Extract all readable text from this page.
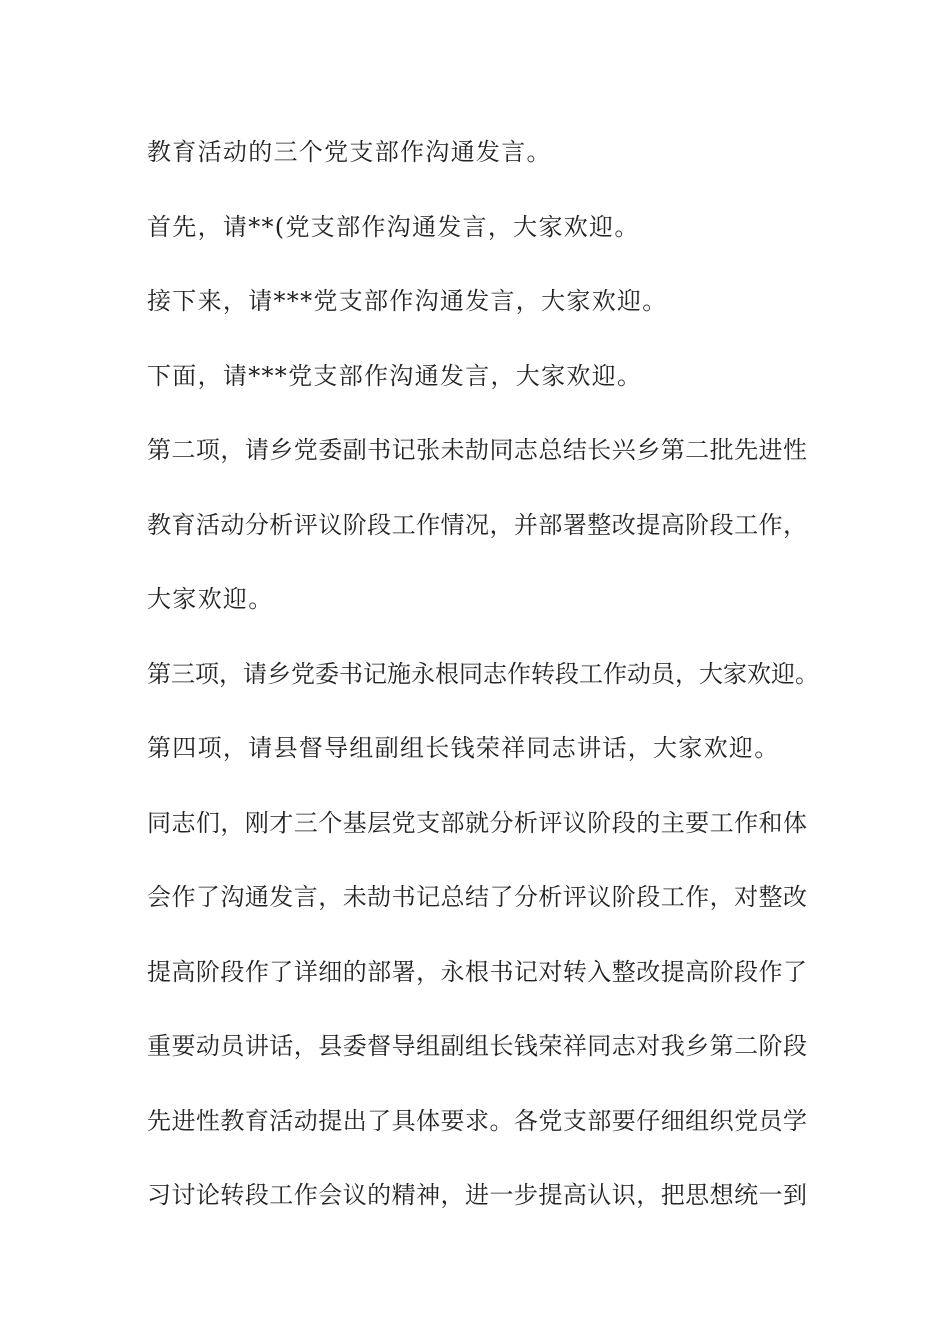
教育活动的三个党支部作沟通发言。
首先，请**(党支部作沟通发言，大家欢迎。
接下来，请***党支部作沟通发言，大家欢迎。
下面，请***党支部作沟通发言，大家欢迎。
第二项，请乡党委副书记张未劼同志总结长兴乡第二批先进性
教育活动分析评议阶段工作情况，并部署整改提高阶段工作，
大家欢迎。
第三项，请乡党委书记施永根同志作转段工作动员，大家欢迎。
第四项，请县督导组副组长钱荣祥同志讲话，大家欢迎。
同志们，刚才三个基层党支部就分析评议阶段的主要工作和体
会作了沟通发言，未劼书记总结了分析评议阶段工作，对整改
提高阶段作了详细的部署，永根书记对转入整改提高阶段作了
重要动员讲话，县委督导组副组长钱荣祥同志对我乡第二阶段
先进性教育活动提出了具体要求。各党支部要仔细组织党员学
习讨论转段工作会议的精神，进一步提高认识，把思想统一到
